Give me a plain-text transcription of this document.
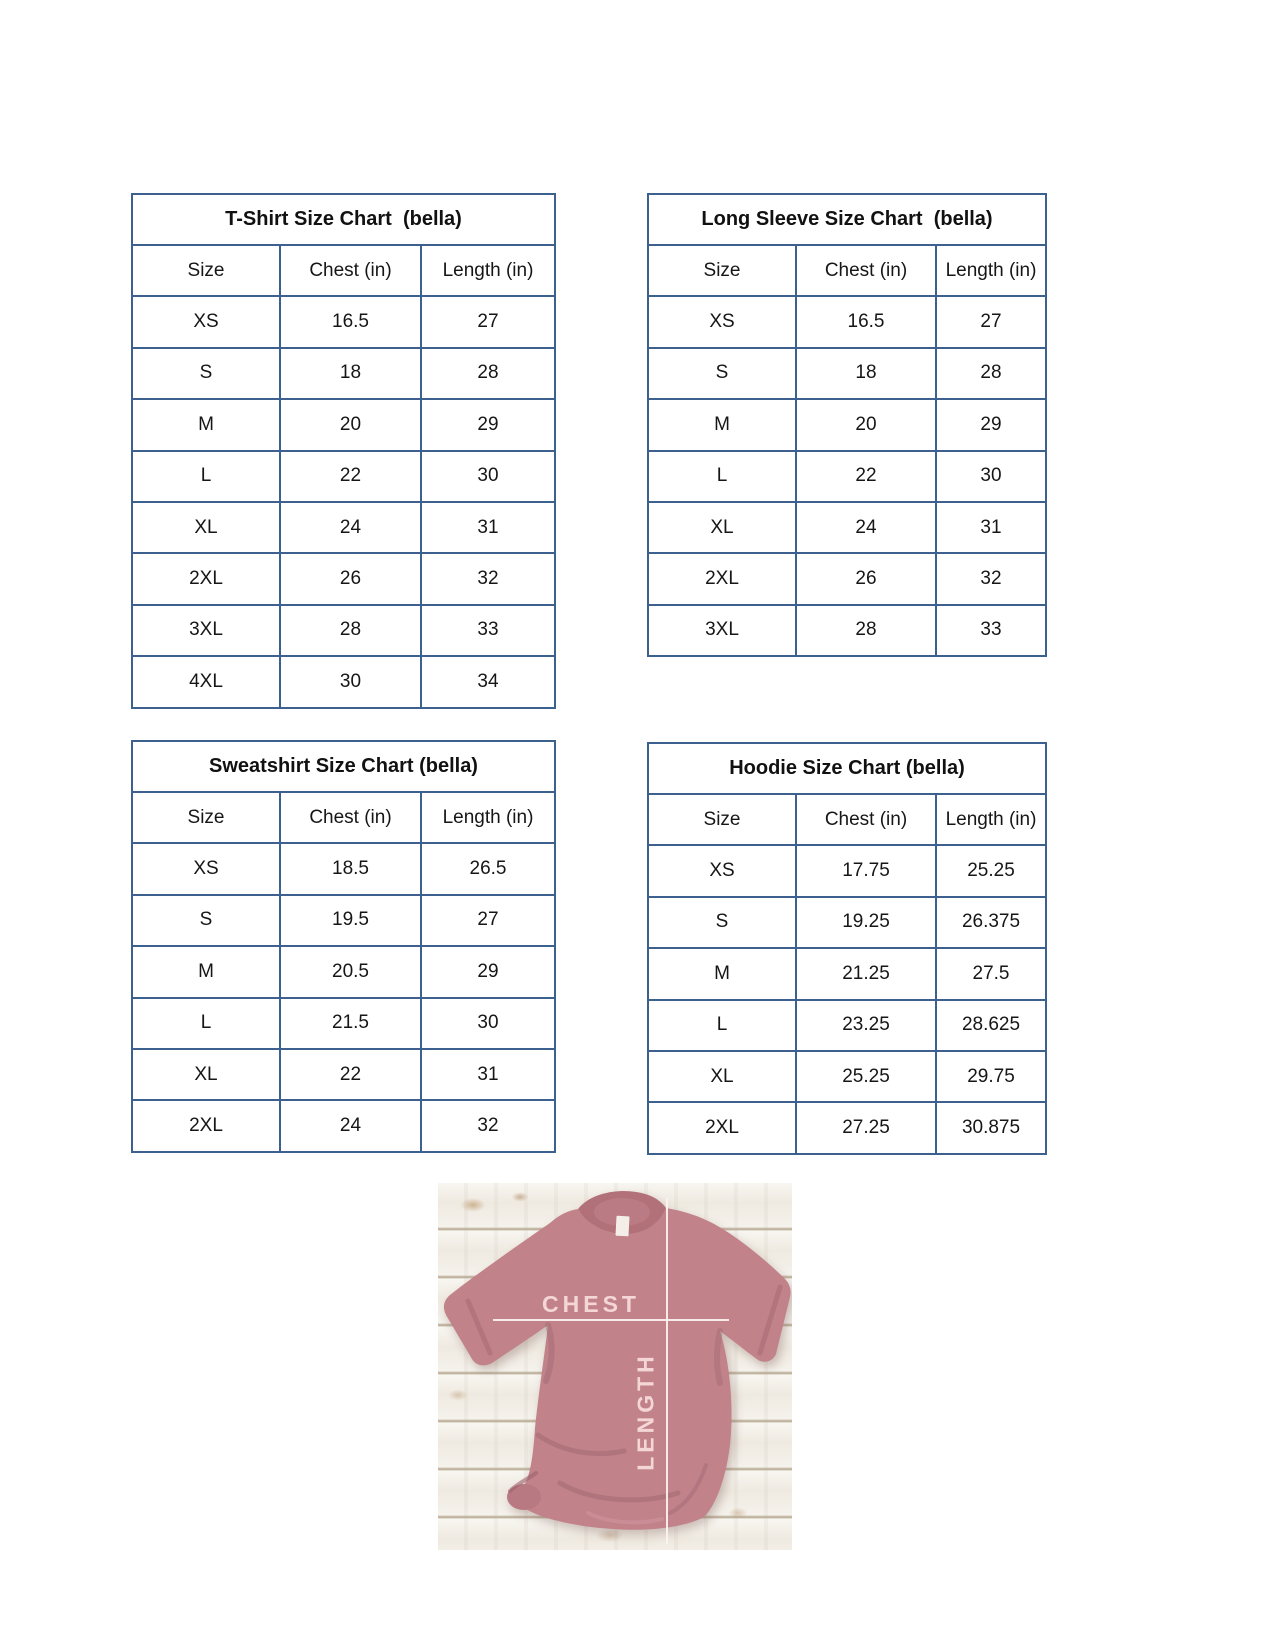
T-Shirt Size Chart  (bella)
Size	Chest (in)	Length (in)
XS	16.5	27
S	18	28
M	20	29
L	22	30
XL	24	31
2XL	26	32
3XL	28	33
4XL	30	34
Long Sleeve Size Chart  (bella)
Size	Chest (in)	Length (in)
XS	16.5	27
S	18	28
M	20	29
L	22	30
XL	24	31
2XL	26	32
3XL	28	33
Sweatshirt Size Chart (bella)
Size	Chest (in)	Length (in)
XS	18.5	26.5
S	19.5	27
M	20.5	29
L	21.5	30
XL	22	31
2XL	24	32
Hoodie Size Chart (bella)
Size	Chest (in)	Length (in)
XS	17.75	25.25
S	19.25	26.375
M	21.25	27.5
L	23.25	28.625
XL	25.25	29.75
2XL	27.25	30.875
CHEST
LENGTH
